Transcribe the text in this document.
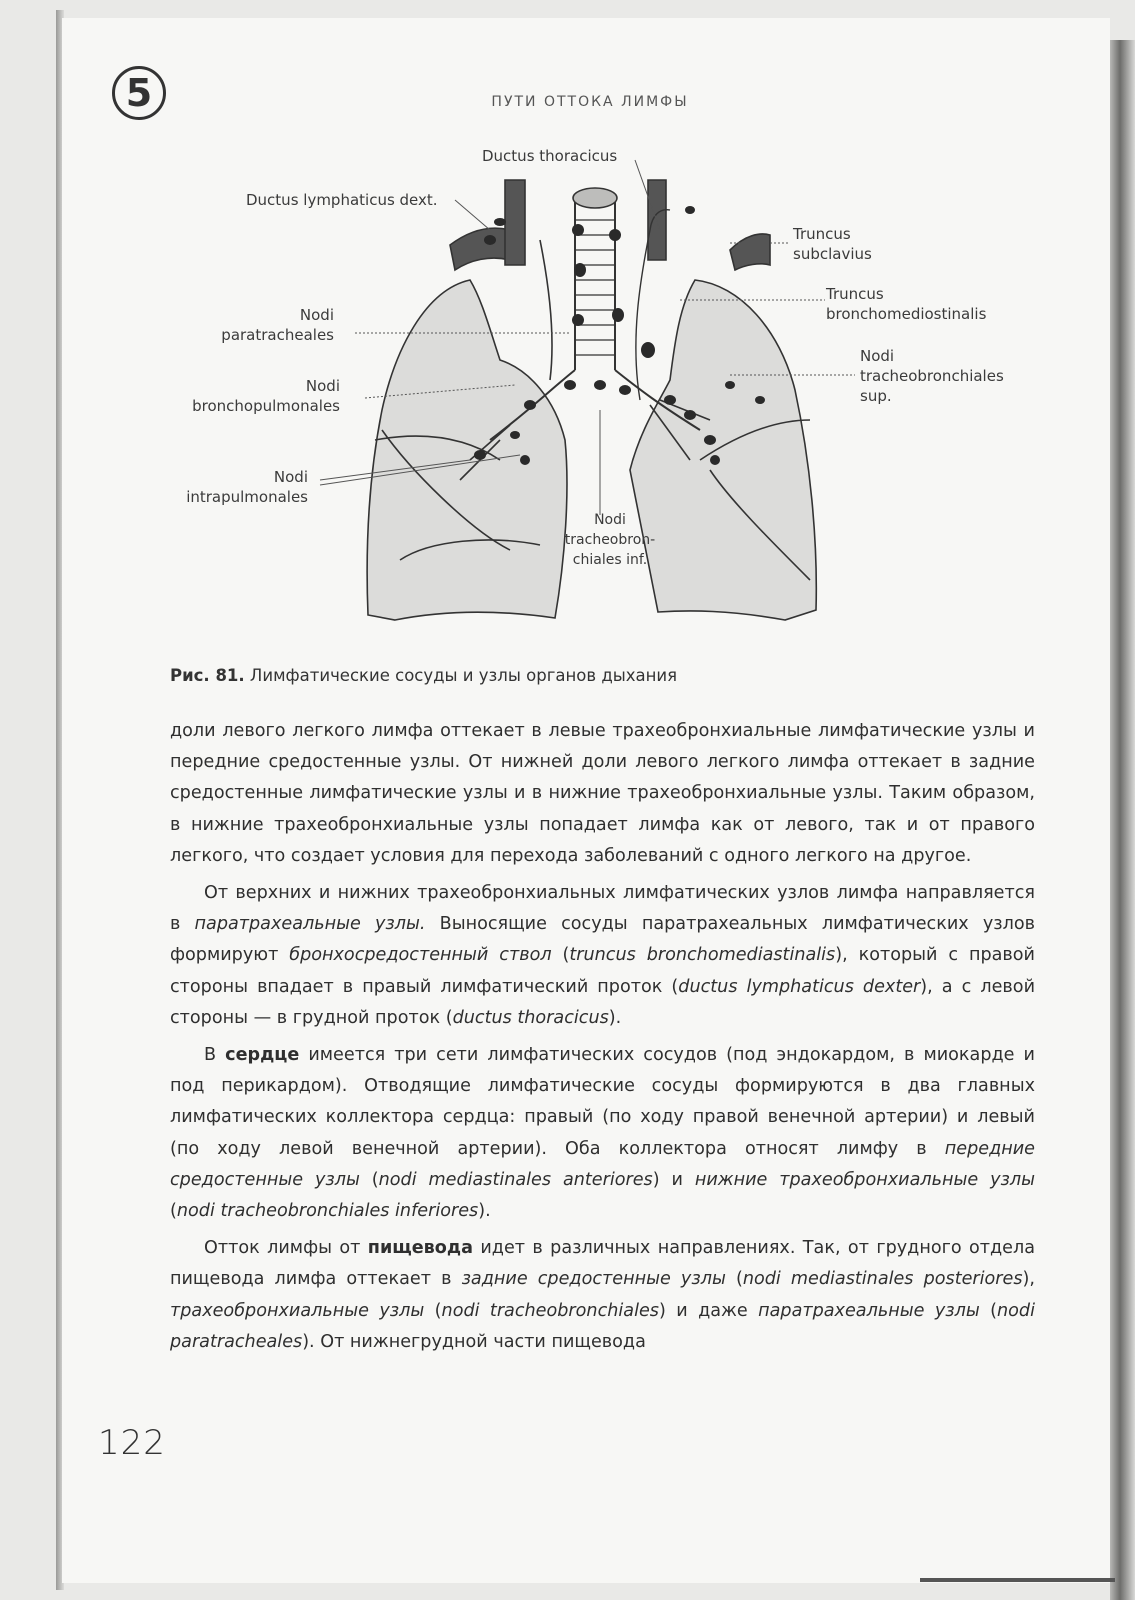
5	ПУТИ ОТТОКА ЛИМФЫ
Ductus thoracicus
Ductus lymphaticus dext.
Truncus
subclavius
Truncus
bronchomediostinalis
Nodi
paratracheales
Nodi
tracheobronchiales
sup.
Nodi
bronchopulmonales
Nodi
intrapulmonales
Nodi
tracheobron-
chiales inf.
Рис. 81. Лимфатические сосуды и узлы органов дыхания

доли левого легкого лимфа оттекает в левые трахеобронхиальные лимфатические узлы и передние средостенные узлы. От нижней доли левого легкого лимфа оттекает в задние средостенные лимфатические узлы и в нижние трахеобронхиальные узлы. Таким образом, в нижние трахеобронхиальные узлы попадает лимфа как от левого, так и от правого легкого, что создает условия для перехода заболеваний с одного легкого на другое.

От верхних и нижних трахеобронхиальных лимфатических узлов лимфа направляется в паратрахеальные узлы. Выносящие сосуды паратрахеальных лимфатических узлов формируют бронхосредостенный ствол (truncus bronchomediastinalis), который с правой стороны впадает в правый лимфатический проток (ductus lymphaticus dexter), а с левой стороны — в грудной проток (ductus thoracicus).

В сердце имеется три сети лимфатических сосудов (под эндокардом, в миокарде и под перикардом). Отводящие лимфатические сосуды формируются в два главных лимфатических коллектора сердца: правый (по ходу правой венечной артерии) и левый (по ходу левой венечной артерии). Оба коллектора относят лимфу в передние средостенные узлы (nodi mediastinales anteriores) и нижние трахеобронхиальные узлы (nodi tracheobronchiales inferiores).

Отток лимфы от пищевода идет в различных направлениях. Так, от грудного отдела пищевода лимфа оттекает в задние средостенные узлы (nodi mediastinales posteriores), трахеобронхиальные узлы (nodi tracheobronchiales) и даже паратрахеальные узлы (nodi paratracheales). От нижнегрудной части пищевода

122
